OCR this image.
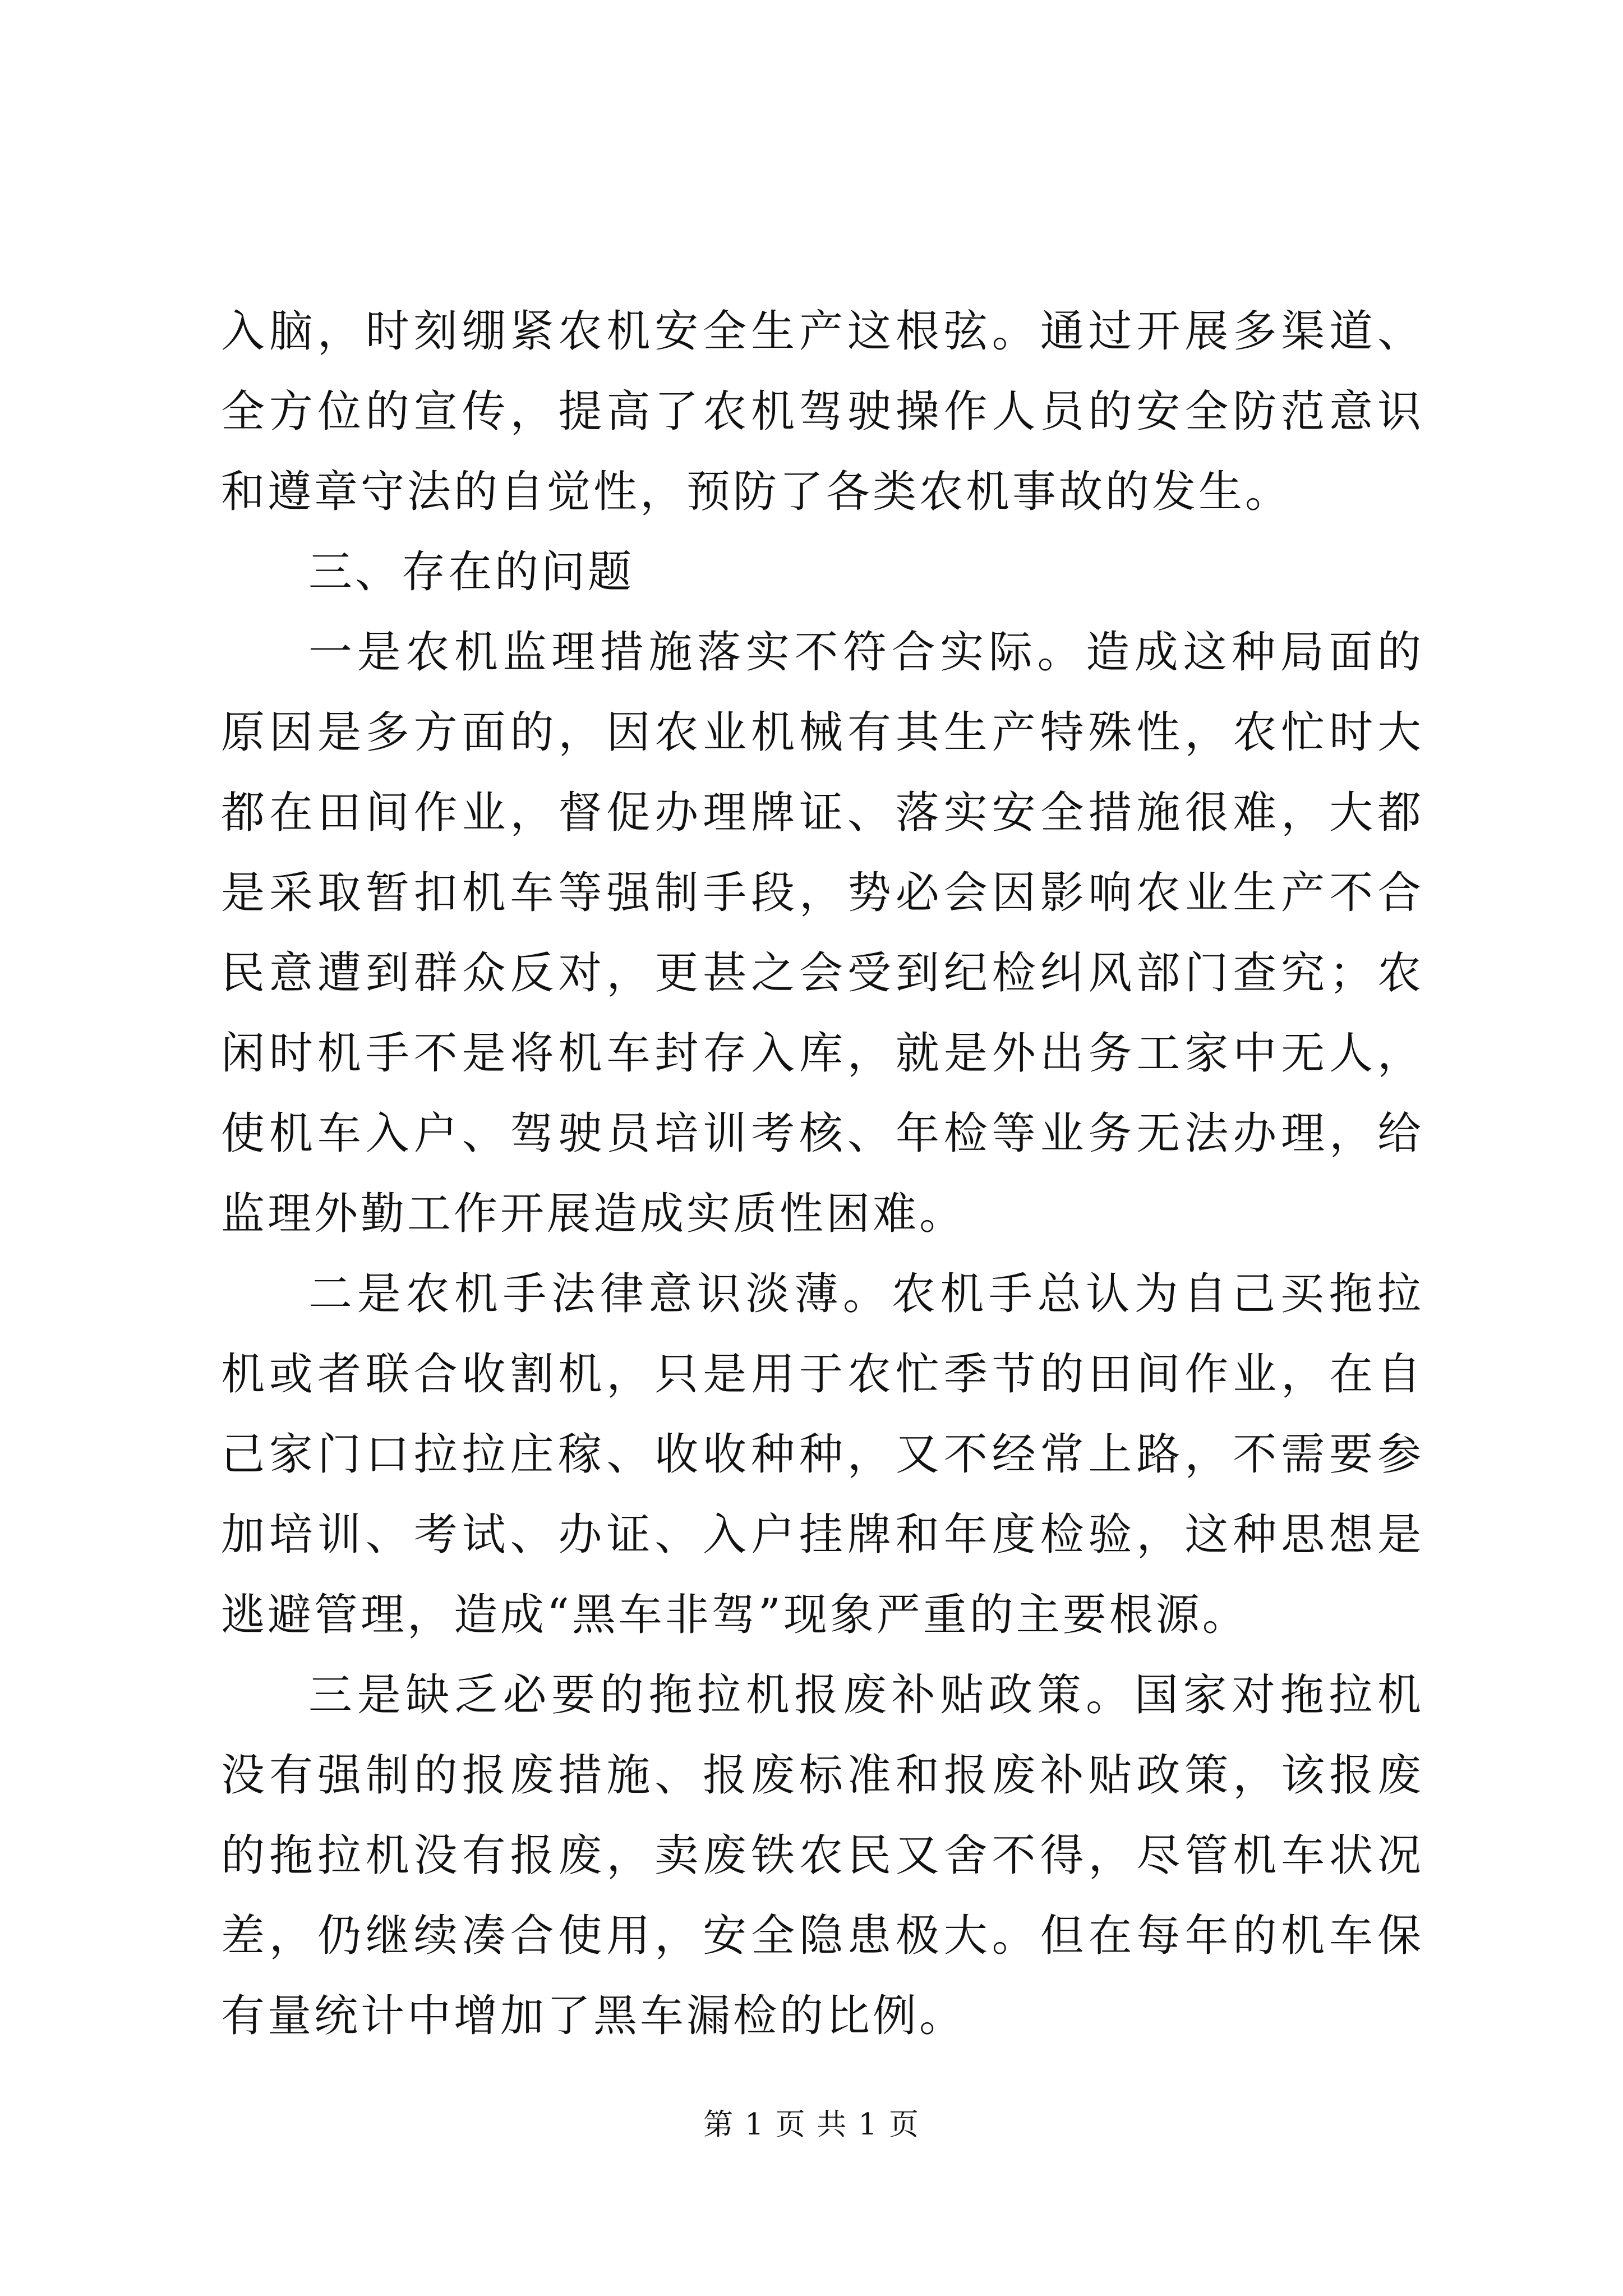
入脑，时刻绷紧农机安全生产这根弦。通过开展多渠道、全方位的宣传，提高了农机驾驶操作人员的安全防范意识和遵章守法的自觉性，预防了各类农机事故的发生。

三、存在的问题

一是农机监理措施落实不符合实际。造成这种局面的原因是多方面的，因农业机械有其生产特殊性，农忙时大都在田间作业，督促办理牌证、落实安全措施很难，大都是采取暂扣机车等强制手段，势必会因影响农业生产不合民意遭到群众反对，更甚之会受到纪检纠风部门查究；农闲时机手不是将机车封存入库，就是外出务工家中无人，使机车入户、驾驶员培训考核、年检等业务无法办理，给监理外勤工作开展造成实质性困难。

二是农机手法律意识淡薄。农机手总认为自己买拖拉机或者联合收割机，只是用于农忙季节的田间作业，在自己家门口拉拉庄稼、收收种种，又不经常上路，不需要参加培训、考试、办证、入户挂牌和年度检验，这种思想是逃避管理，造成“黑车非驾”现象严重的主要根源。

三是缺乏必要的拖拉机报废补贴政策。国家对拖拉机没有强制的报废措施、报废标准和报废补贴政策，该报废的拖拉机没有报废，卖废铁农民又舍不得，尽管机车状况差，仍继续凑合使用，安全隐患极大。但在每年的机车保有量统计中增加了黑车漏检的比例。

第 1 页 共 1 页
